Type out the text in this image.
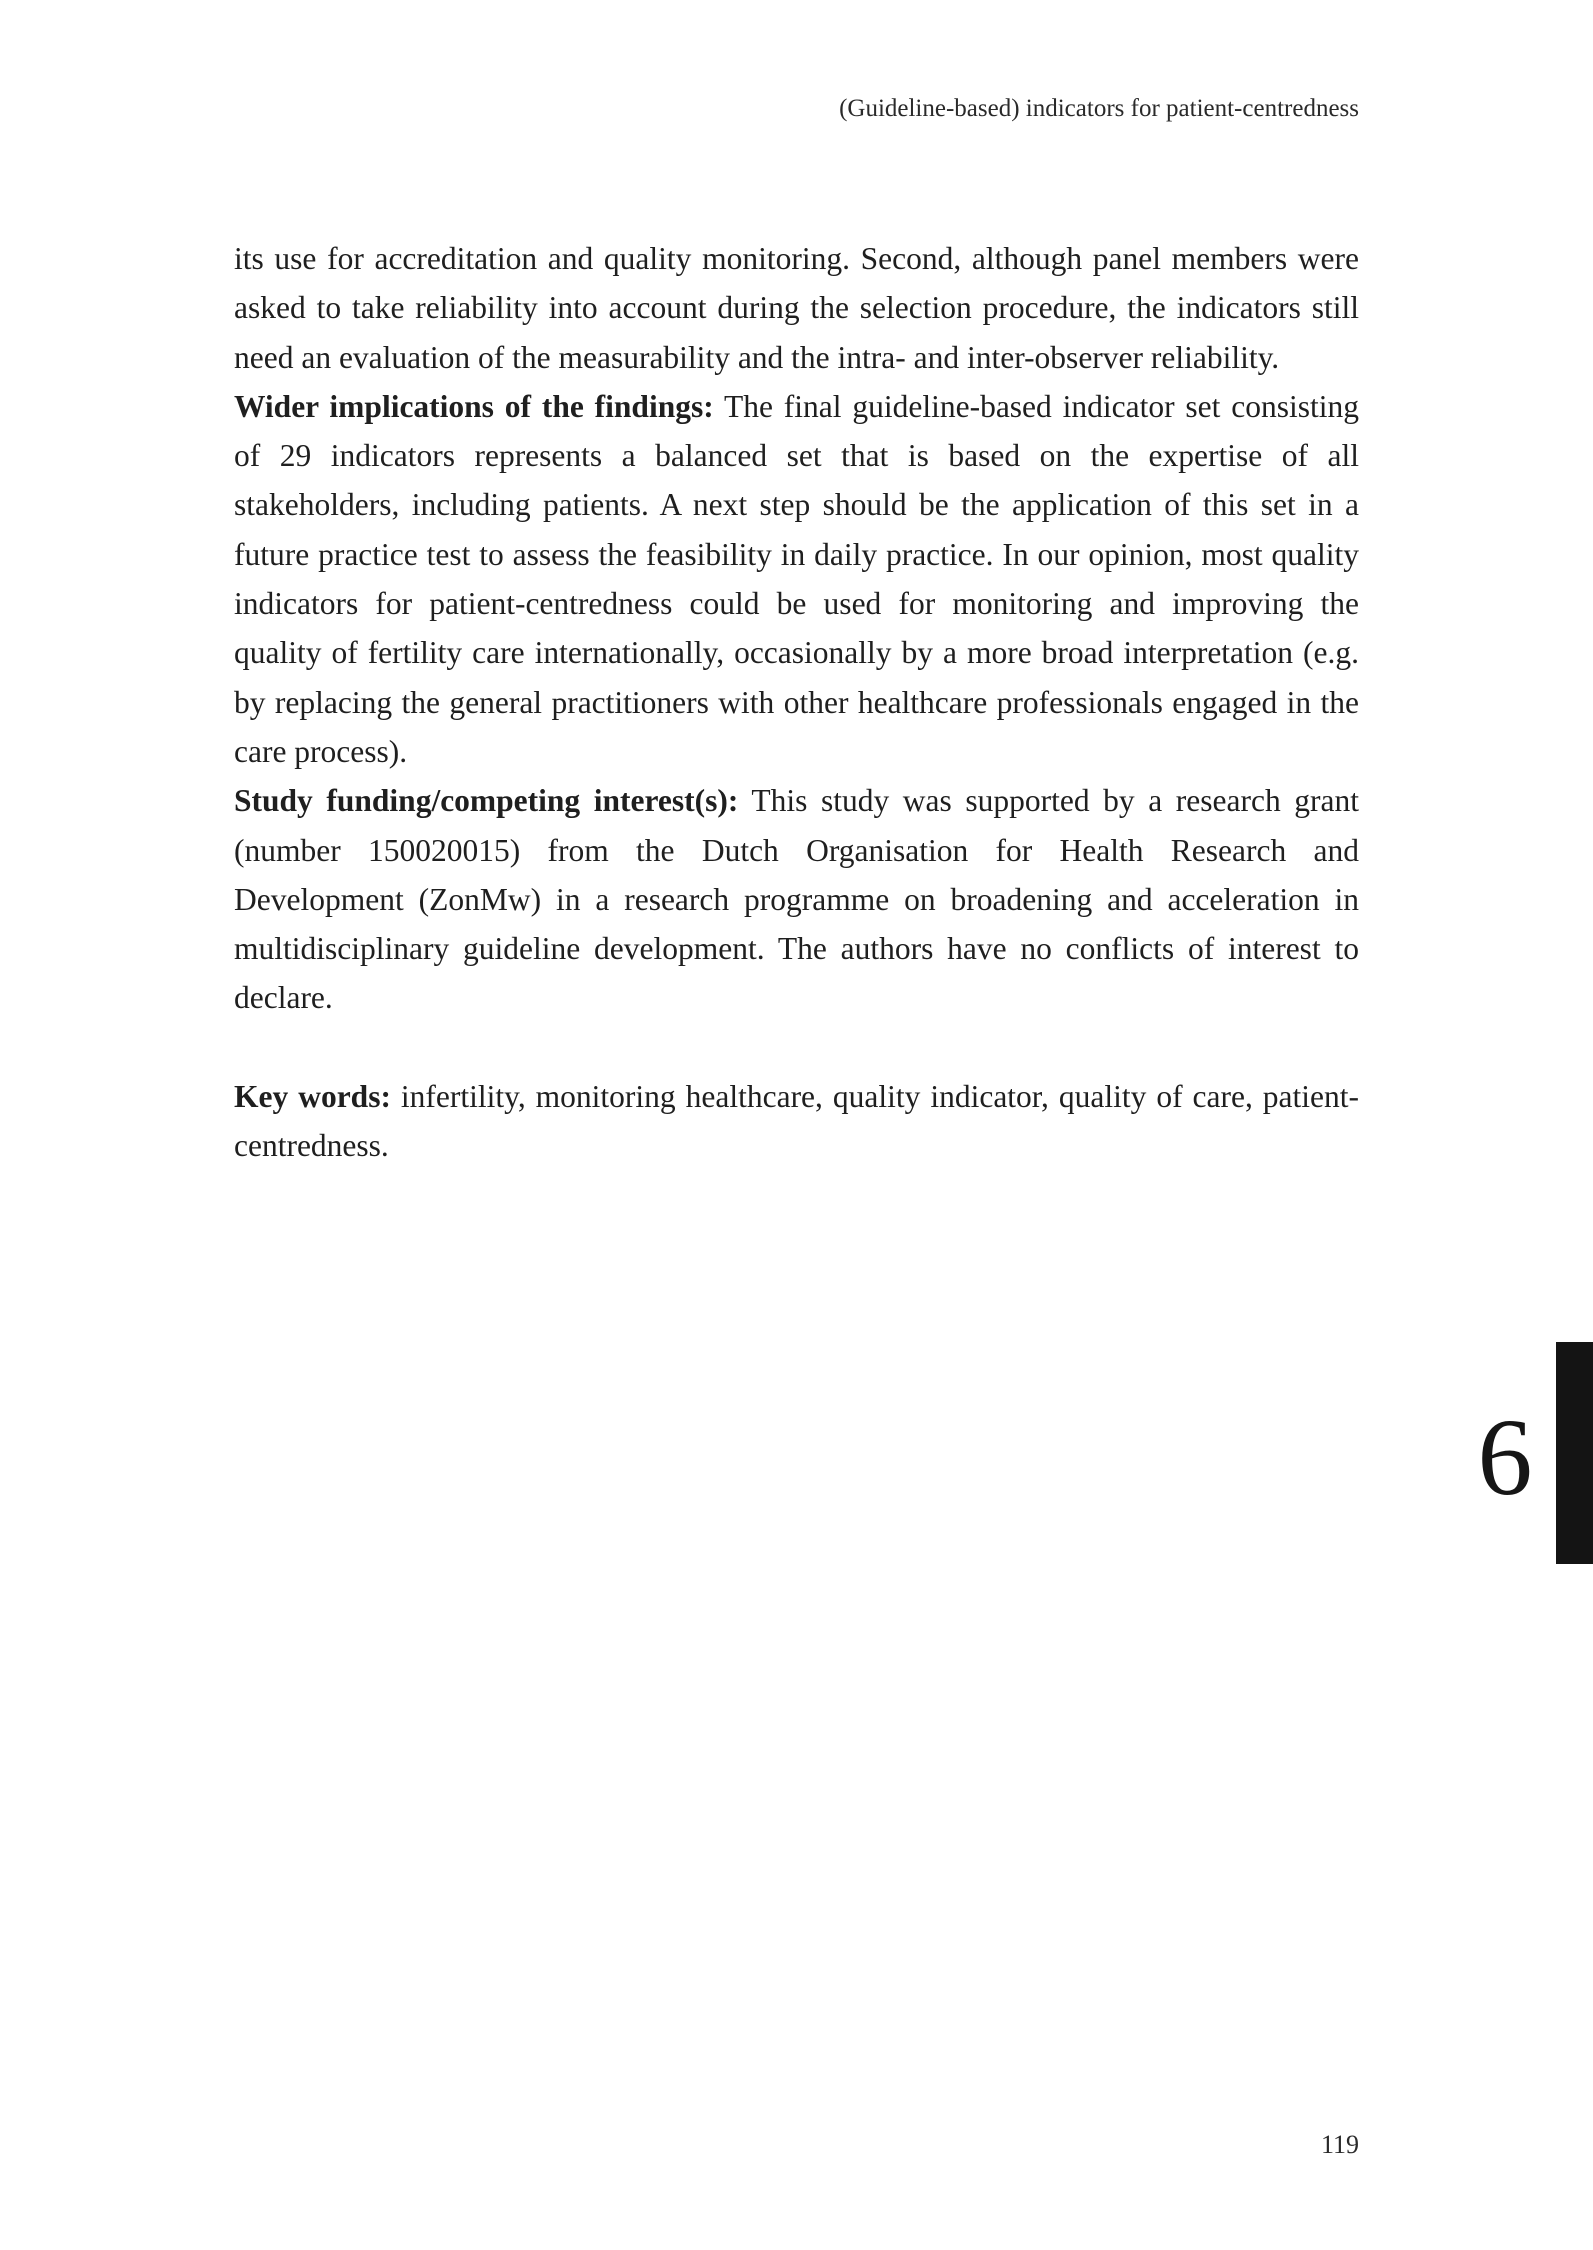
(Guideline-based) indicators for patient-centredness

its use for accreditation and quality monitoring. Second, although panel members were asked to take reliability into account during the selection procedure, the indicators still need an evaluation of the measurability and the intra- and inter-observer reliability.

Wider implications of the findings: The final guideline-based indicator set consisting of 29 indicators represents a balanced set that is based on the expertise of all stakeholders, including patients. A next step should be the application of this set in a future practice test to assess the feasibility in daily practice. In our opinion, most quality indicators for patient-centredness could be used for monitoring and improving the quality of fertility care internationally, occasionally by a more broad interpretation (e.g. by replacing the general practitioners with other healthcare professionals engaged in the care process).

Study funding/competing interest(s): This study was supported by a research grant (number 150020015) from the Dutch Organisation for Health Research and Development (ZonMw) in a research programme on broadening and acceleration in multidisciplinary guideline development. The authors have no conflicts of interest to declare.

Key words: infertility, monitoring healthcare, quality indicator, quality of care, patient-centredness.

6
119
